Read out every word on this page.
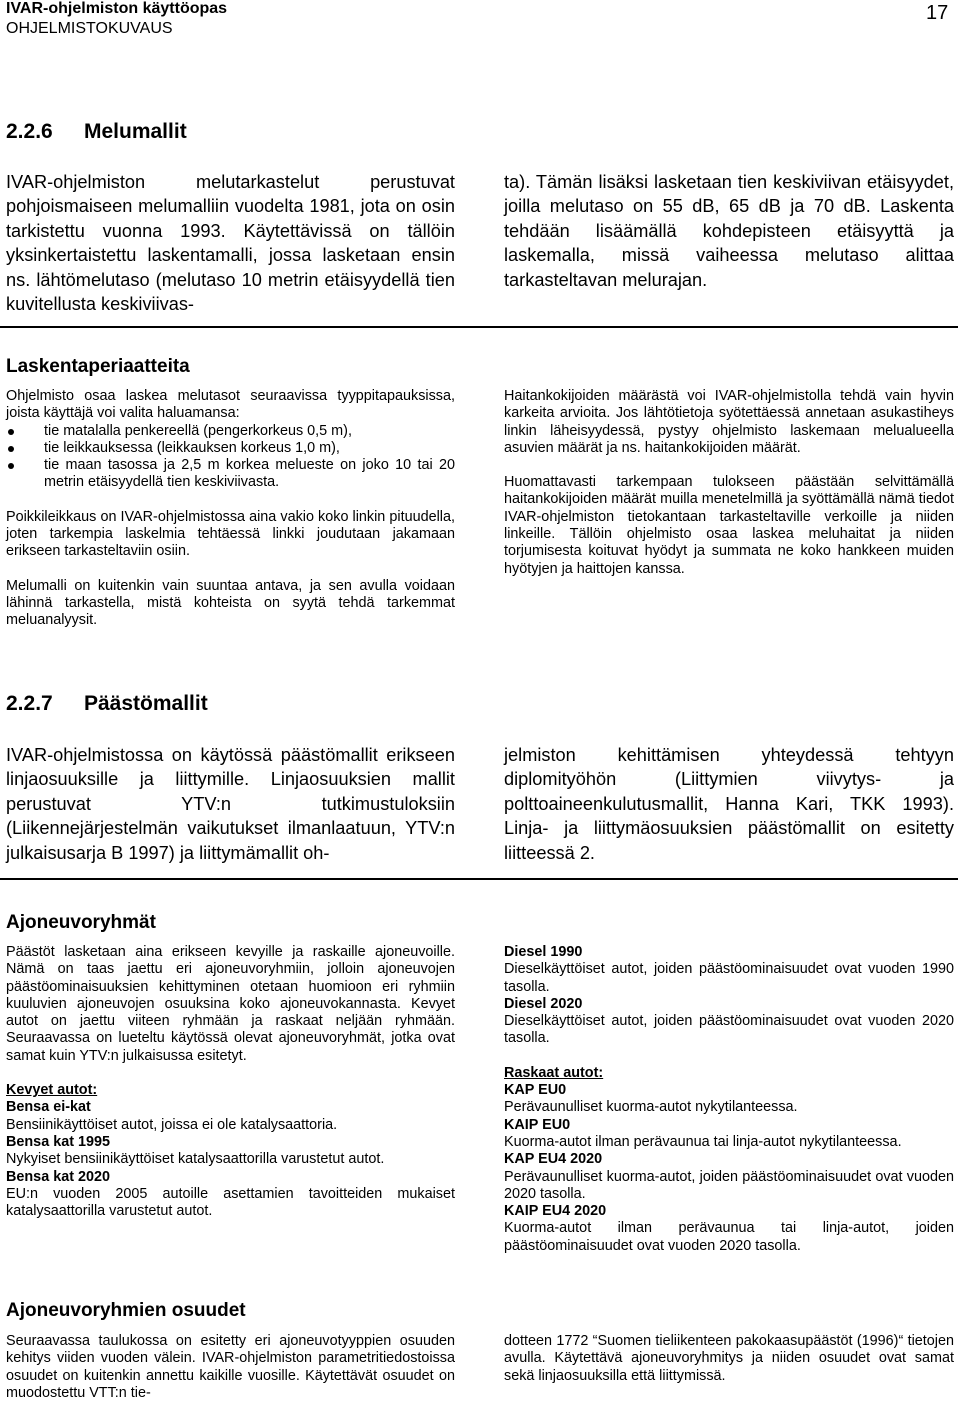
IVAR-ohjelmiston käyttöopas
OHJELMISTOKUVAUS
17
2.2.6 Melumallit

IVAR-ohjelmiston melutarkastelut perustuvat pohjoismaiseen melumalliin vuodelta 1981, jota on osin tarkistettu vuonna 1993. Käytettävissä on tällöin yksinkertaistettu laskentamalli, jossa lasketaan ensin ns. lähtömelutaso (melutaso 10 metrin etäisyydellä tien kuvitellusta keskiviivas-

ta). Tämän lisäksi lasketaan tien keskiviivan etäisyydet, joilla melutaso on 55 dB, 65 dB ja 70 dB. Laskenta tehdään lisäämällä kohdepisteen etäisyyttä ja laskemalla, missä vaiheessa melutaso alittaa tarkasteltavan melurajan.

Laskentaperiaatteita

Ohjelmisto osaa laskea melutasot seuraavissa tyyppitapauksissa, joista käyttäjä voi valita haluamansa:

tie matalalla penkereellä (pengerkorkeus 0,5 m),
tie leikkauksessa (leikkauksen korkeus 1,0 m),
tie maan tasossa ja 2,5 m korkea melueste on joko 10 tai 20 metrin etäisyydellä tien keskiviivasta.

Poikkileikkaus on IVAR-ohjelmistossa aina vakio koko linkin pituudella, joten tarkempia laskelmia tehtäessä linkki joudutaan jakamaan erikseen tarkasteltaviin osiin.

Melumalli on kuitenkin vain suuntaa antava, ja sen avulla voidaan lähinnä tarkastella, mistä kohteista on syytä tehdä tarkemmat meluanalyysit.

Haitankokijoiden määrästä voi IVAR-ohjelmistolla tehdä vain hyvin karkeita arvioita. Jos lähtötietoja syötettäessä annetaan asukastiheys linkin läheisyydessä, pystyy ohjelmisto laskemaan melualueella asuvien määrät ja ns. haitankokijoiden määrät.

Huomattavasti tarkempaan tulokseen päästään selvittämällä haitankokijoiden määrät muilla menetelmillä ja syöttämällä nämä tiedot IVAR-ohjelmiston tietokantaan tarkasteltaville verkoille ja niiden linkeille. Tällöin ohjelmisto osaa laskea meluhaitat ja niiden torjumisesta koituvat hyödyt ja summata ne koko hankkeen muiden hyötyjen ja haittojen kanssa.

2.2.7 Päästömallit

IVAR-ohjelmistossa on käytössä päästömallit erikseen linjaosuuksille ja liittymille. Linjaosuuksien mallit perustuvat YTV:n tutkimustuloksiin (Liikennejärjestelmän vaikutukset ilmanlaatuun, YTV:n julkaisusarja B 1997) ja liittymämallit oh-

jelmiston kehittämisen yhteydessä tehtyyn diplomityöhön (Liittymien viivytys- ja polttoaineenkulutusmallit, Hanna Kari, TKK 1993). Linja- ja liittymäosuuksien päästömallit on esitetty liitteessä 2.

Ajoneuvoryhmät

Päästöt lasketaan aina erikseen kevyille ja raskaille ajoneuvoille. Nämä on taas jaettu eri ajoneuvoryhmiin, jolloin ajoneuvojen päästöominaisuuksien kehittyminen otetaan huomioon eri ryhmiin kuuluvien ajoneuvojen osuuksina koko ajoneuvokannasta. Kevyet autot on jaettu viiteen ryhmään ja raskaat neljään ryhmään. Seuraavassa on lueteltu käytössä olevat ajoneuvoryhmät, jotka ovat samat kuin YTV:n julkaisussa esitetyt.

Kevyet autot:

Bensa ei-kat

Bensiinikäyttöiset autot, joissa ei ole katalysaattoria.

Bensa kat 1995

Nykyiset bensiinikäyttöiset katalysaattorilla varustetut autot.

Bensa kat 2020

EU:n vuoden 2005 autoille asettamien tavoitteiden mukaiset katalysaattorilla varustetut autot.

Diesel 1990

Dieselkäyttöiset autot, joiden päästöominaisuudet ovat vuoden 1990 tasolla.

Diesel 2020

Dieselkäyttöiset autot, joiden päästöominaisuudet ovat vuoden 2020 tasolla.

Raskaat autot:

KAP EU0

Perävaunulliset kuorma-autot nykytilanteessa.

KAIP EU0

Kuorma-autot ilman perävaunua tai linja-autot nykytilanteessa.

KAP EU4 2020

Perävaunulliset kuorma-autot, joiden päästöominaisuudet ovat vuoden 2020 tasolla.

KAIP EU4 2020

Kuorma-autot ilman perävaunua tai linja-autot, joiden päästöominaisuudet ovat vuoden 2020 tasolla.

Ajoneuvoryhmien osuudet

Seuraavassa taulukossa on esitetty eri ajoneuvotyyppien osuuden kehitys viiden vuoden välein. IVAR-ohjelmiston parametritiedostoissa osuudet on kuitenkin annettu kaikille vuosille. Käytettävät osuudet on muodostettu VTT:n tie-

dotteen 1772 “Suomen tieliikenteen pakokaasupäästöt (1996)“ tietojen avulla. Käytettävä ajoneuvoryhmitys ja niiden osuudet ovat samat sekä linjaosuuksilla että liittymissä.
